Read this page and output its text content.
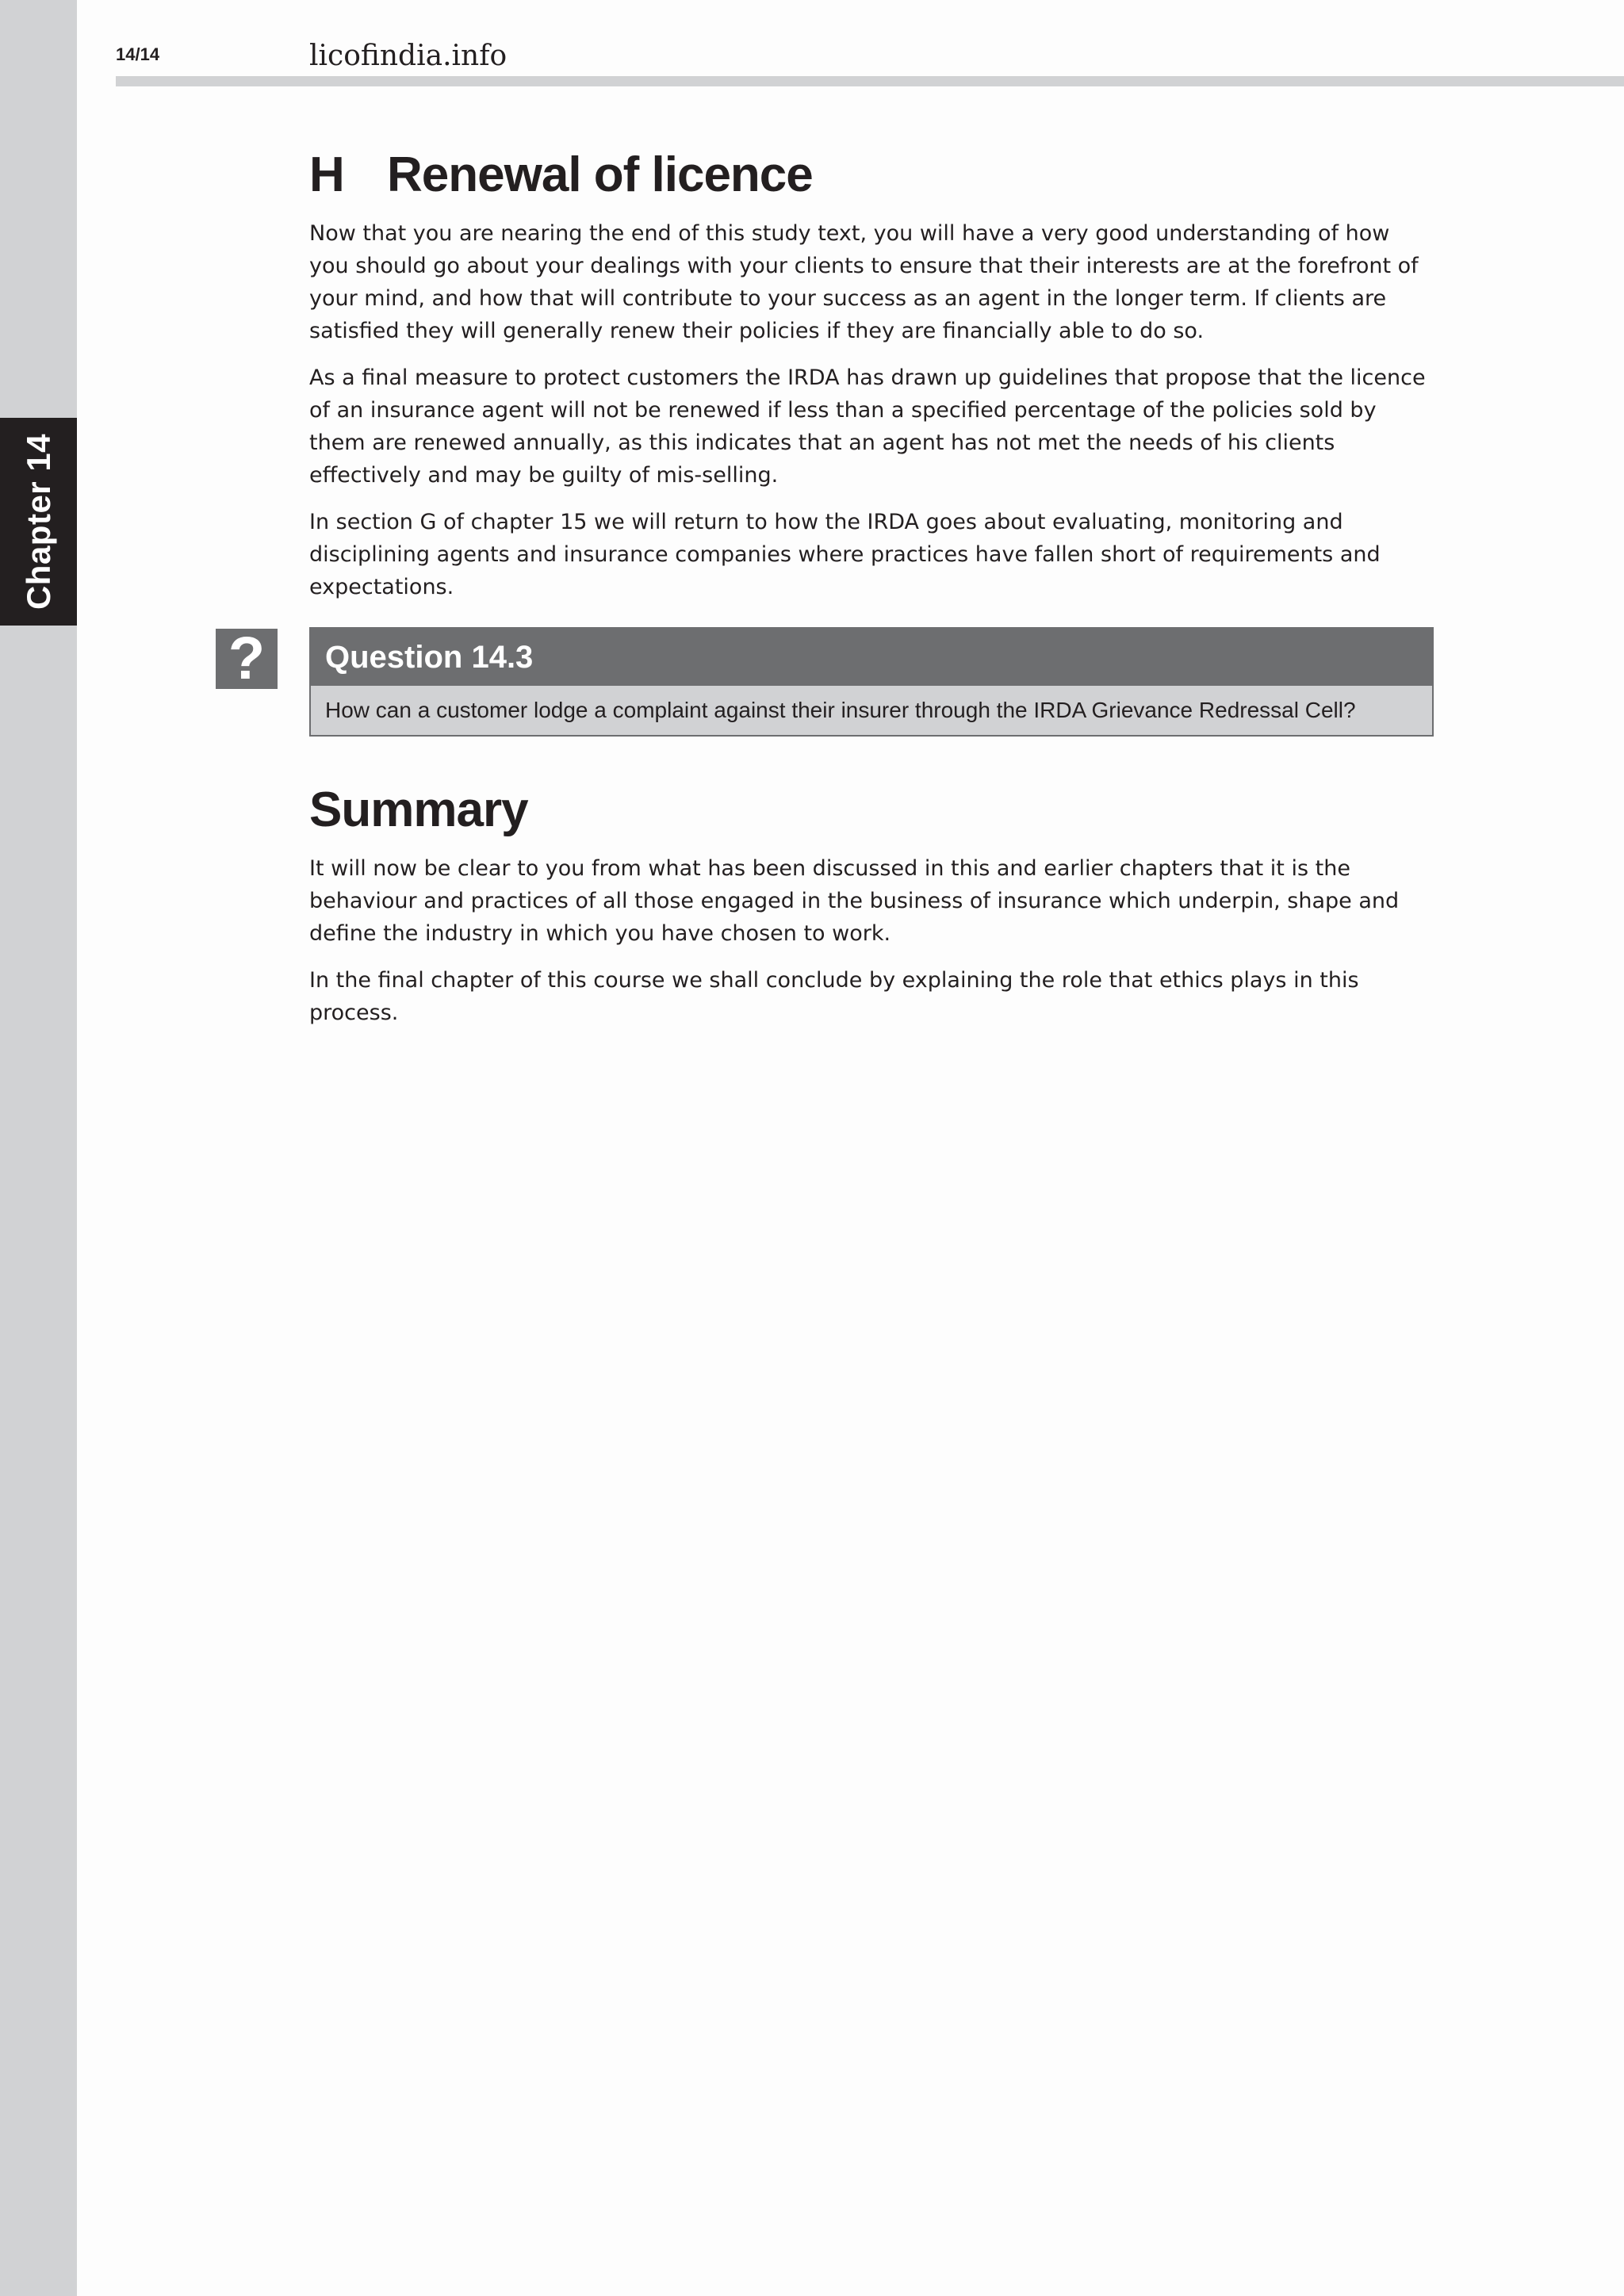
Chapter 14
14/14	licofindia.info
H Renewal of licence

Now that you are nearing the end of this study text, you will have a very good understanding of how you should go about your dealings with your clients to ensure that their interests are at the forefront of your mind, and how that will contribute to your success as an agent in the longer term. If clients are satisfied they will generally renew their policies if they are financially able to do so.

As a final measure to protect customers the IRDA has drawn up guidelines that propose that the licence of an insurance agent will not be renewed if less than a specified percentage of the policies sold by them are renewed annually, as this indicates that an agent has not met the needs of his clients effectively and may be guilty of mis-selling.

In section G of chapter 15 we will return to how the IRDA goes about evaluating, monitoring and disciplining agents and insurance companies where practices have fallen short of requirements and expectations.

?	Question 14.3
How can a customer lodge a complaint against their insurer through the IRDA Grievance Redressal Cell?
Summary

It will now be clear to you from what has been discussed in this and earlier chapters that it is the behaviour and practices of all those engaged in the business of insurance which underpin, shape and define the industry in which you have chosen to work.

In the final chapter of this course we shall conclude by explaining the role that ethics plays in this process.
